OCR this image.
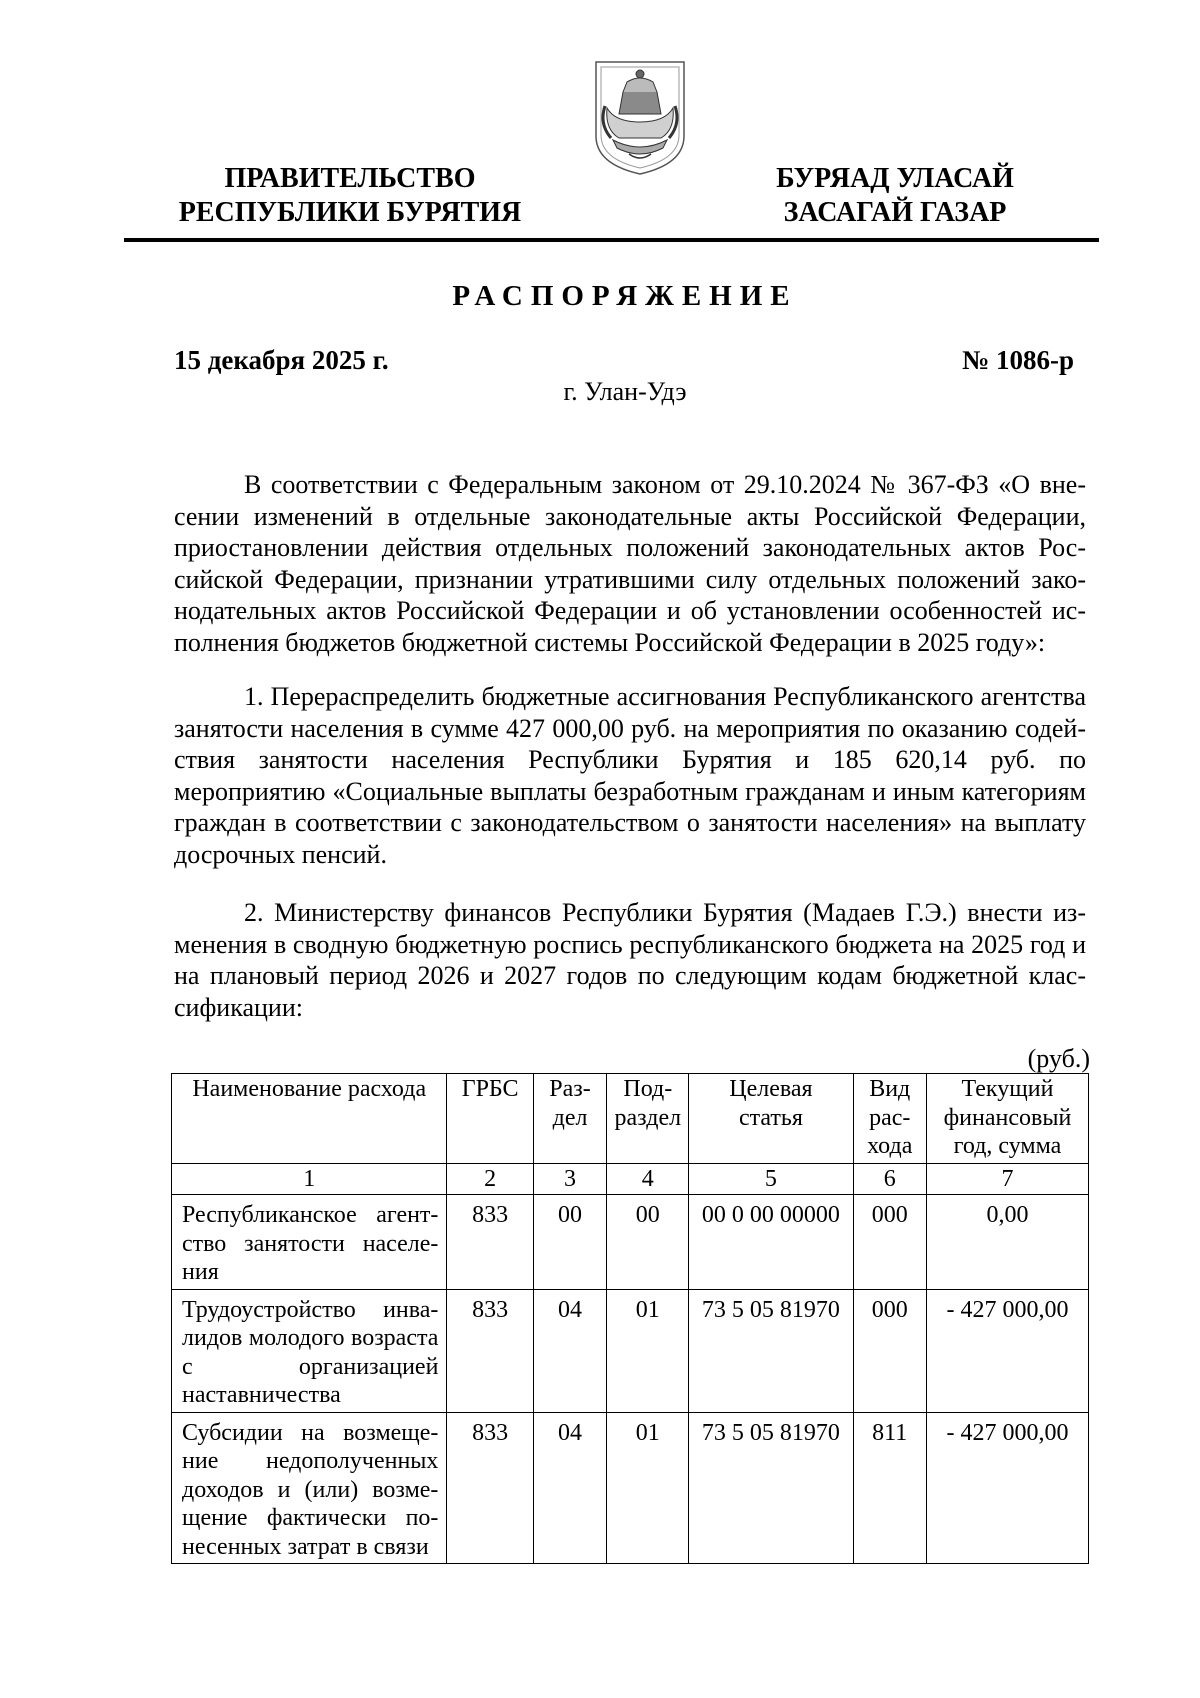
ПРАВИТЕЛЬСТВО
РЕСПУБЛИКИ БУРЯТИЯ
БУРЯАД УЛАСАЙ
ЗАСАГАЙ ГАЗАР
РАСПОРЯЖЕНИЕ
15 декабря 2025 г.	№ 1086-р
г. Улан-Удэ

В соответствии с Федеральным законом от 29.10.2024 № 367-ФЗ «О внесении изменений в отдельные законодательные акты Российской Федерации, приостановлении действия отдельных положений законодательных актов Российской Федерации, признании утратившими силу отдельных положений законодательных актов Российской Федерации и об установлении особенностей исполнения бюджетов бюджетной системы Российской Федерации в 2025 году»:

1. Перераспределить бюджетные ассигнования Республиканского агентства занятости населения в сумме 427 000,00 руб. на мероприятия по оказанию содействия занятости населения Республики Бурятия и 185 620,14 руб. по мероприятию «Социальные выплаты безработным гражданам и иным категориям граждан в соответствии с законодательством о занятости населения» на выплату досрочных пенсий.

2. Министерству финансов Республики Бурятия (Мадаев Г.Э.) внести изменения в сводную бюджетную роспись республиканского бюджета на 2025 год и на плановый период 2026 и 2027 годов по следующим кодам бюджетной классификации:

(руб.)
Наименование расхода	ГРБС	Раздел	Подраздел	Целевая статья	Вид расхода	Текущий финансовый год, сумма
1	2	3	4	5	6	7
Республиканское агентство занятости населения	833	00	00	00 0 00 00000	000	0,00
Трудоустройство инвалидов молодого возраста с организацией наставничества	833	04	01	73 5 05 81970	000	- 427 000,00
Субсидии на возмещение недополученных доходов и (или) возмещение фактически понесенных затрат в связи	833	04	01	73 5 05 81970	811	- 427 000,00
